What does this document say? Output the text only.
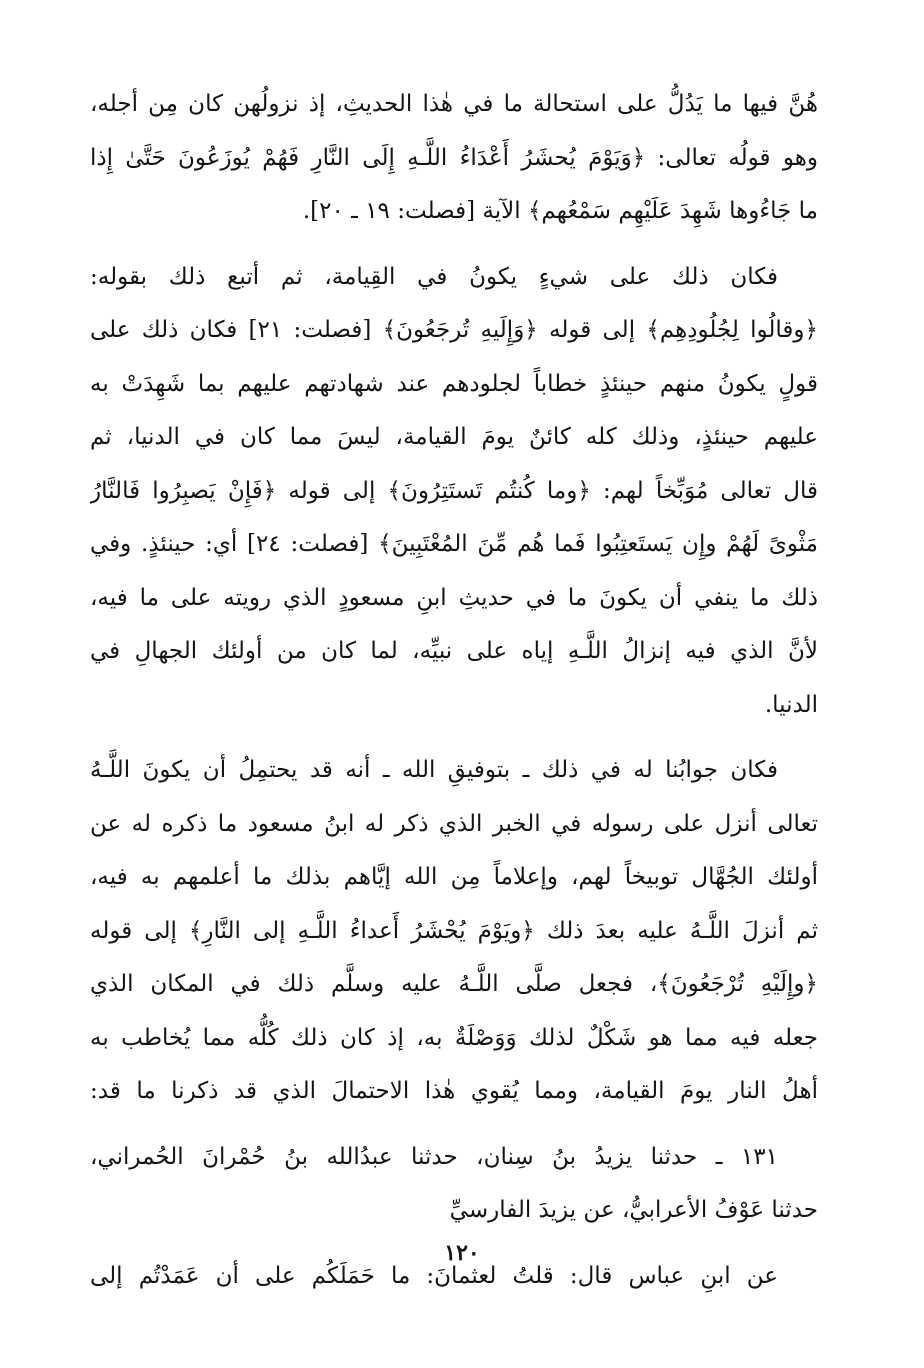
هُنَّ فيها ما يَدُلُّ على استحالة ما في هٰذا الحديثِ، إذ نزولُهن كان مِن أجله،
وهو قولُه تعالى: ﴿وَيَوْمَ يُحشَرُ أَعْدَاءُ اللَّـهِ إِلَى النَّارِ فَهُمْ يُوزَعُونَ حَتَّىٰ إِذا
ما جَاءُوها شَهِدَ عَلَيْهِم سَمْعُهم﴾ الآية [فصلت: ١٩ ـ ٢٠].
فكان ذلك على شيءٍ يكونُ في القِيامة، ثم أتبع ذلك بقوله:
﴿وقالُوا لِجُلُودِهِم﴾ إلى قوله ﴿وَإِلَيهِ تُرجَعُونَ﴾ [فصلت: ٢١] فكان ذلك على
قولٍ يكونُ منهم حينئذٍ خطاباً لجلودهم عند شهادتهم عليهم بما شَهِدَتْ به
عليهم حينئذٍ، وذلك كله كائنٌ يومَ القيامة، ليسَ مما كان في الدنيا، ثم
قال تعالى مُوَبِّخاً لهم: ﴿وما كُنتُم تَستَتِرُونَ﴾ إلى قوله ﴿فَإِنْ يَصبِرُوا فَالنَّارُ
مَثْوىً لَهُمْ وإِن يَستَعتِبُوا فَما هُم مِّنَ المُعْتَبِينَ﴾ [فصلت: ٢٤] أي: حينئذٍ. وفي
ذلك ما ينفي أن يكونَ ما في حديثِ ابنِ مسعودٍ الذي رويته على ما فيه،
لأنَّ الذي فيه إنزالُ اللَّـهِ إياه على نبيِّه، لما كان من أولئك الجهالِ في
الدنيا.
فكان جوابُنا له في ذلك ـ بتوفيقِ الله ـ أنه قد يحتمِلُ أن يكونَ اللَّـهُ
تعالى أنزل على رسوله في الخبر الذي ذكر له ابنُ مسعود ما ذكره له عن
أولئك الجُهَّال توبيخاً لهم، وإعلاماً مِن الله إيَّاهم بذلك ما أعلمهم به فيه،
ثم أنزلَ اللَّـهُ عليه بعدَ ذلك ﴿ويَوْمَ يُحْشَرُ أَعداءُ اللَّـهِ إلى النَّارِ﴾ إلى قوله
﴿وإِلَيْهِ تُرْجَعُونَ﴾، فجعل صلَّى اللَّـهُ عليه وسلَّم ذلك في المكان الذي
جعله فيه مما هو شَكْلٌ لذلك وَوَصْلَةٌ به، إذ كان ذلك كُلُّه مما يُخاطب به
أهلُ النار يومَ القيامة، ومما يُقوي هٰذا الاحتمالَ الذي قد ذكرنا ما قد:
١٣١ ـ حدثنا يزيدُ بنُ سِنان، حدثنا عبدُالله بنُ حُمْرانَ الحُمراني،
حدثنا عَوْفُ الأعرابيُّ، عن يزيدَ الفارسيِّ
عن ابنِ عباس قال: قلتُ لعثمانَ: ما حَمَلَكُم على أن عَمَدْتُم إلى
١٢٠
